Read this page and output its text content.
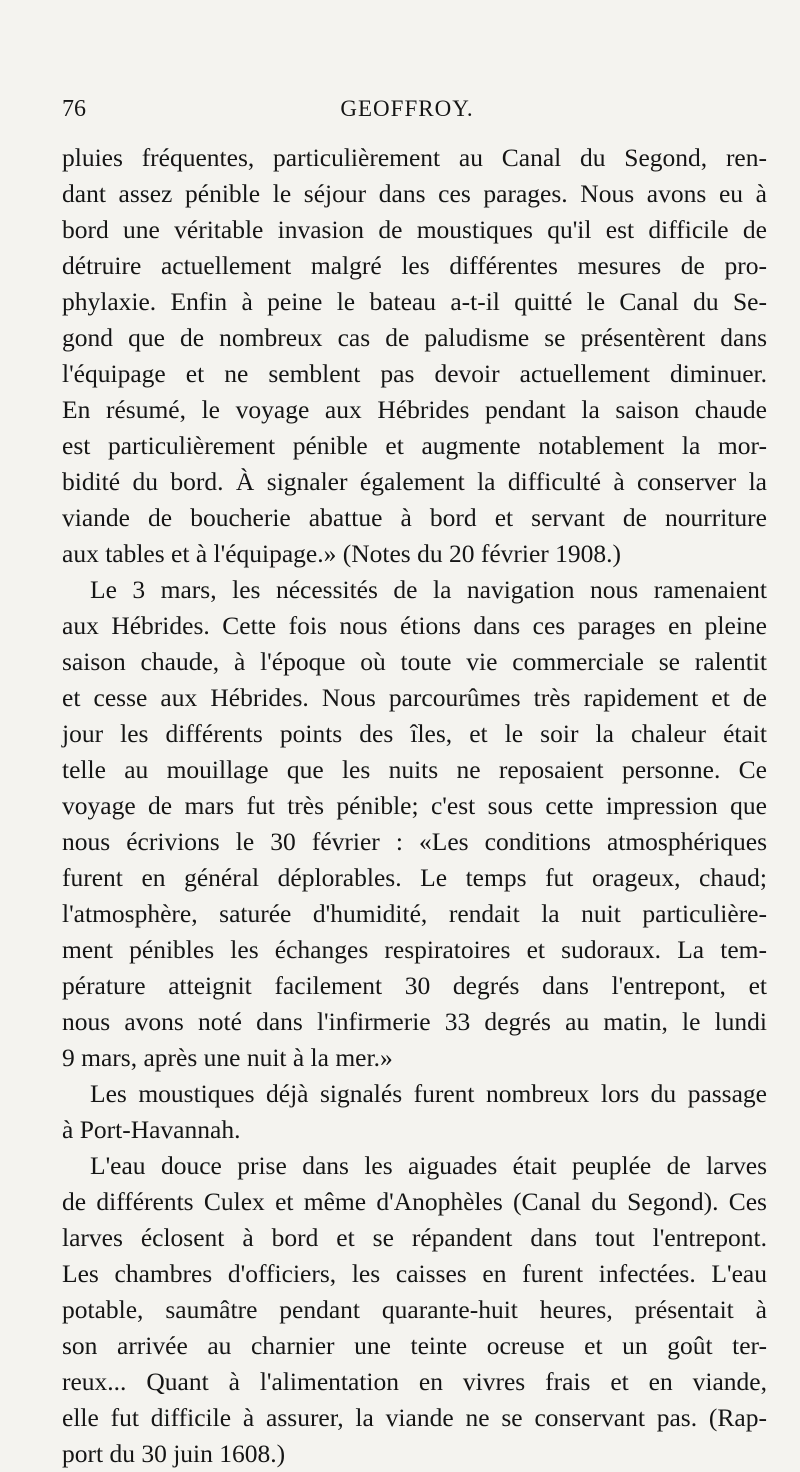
76	GEOFFROY.
pluies fréquentes, particulièrement au Canal du Segond, ren-
dant assez pénible le séjour dans ces parages. Nous avons eu à
bord une véritable invasion de moustiques qu'il est difficile de
détruire actuellement malgré les différentes mesures de pro-
phylaxie. Enfin à peine le bateau a-t-il quitté le Canal du Se-
gond que de nombreux cas de paludisme se présentèrent dans
l'équipage et ne semblent pas devoir actuellement diminuer.
En résumé, le voyage aux Hébrides pendant la saison chaude
est particulièrement pénible et augmente notablement la mor-
bidité du bord. À signaler également la difficulté à conserver la
viande de boucherie abattue à bord et servant de nourriture
aux tables et à l'équipage.» (Notes du 20 février 1908.)
Le 3 mars, les nécessités de la navigation nous ramenaient
aux Hébrides. Cette fois nous étions dans ces parages en pleine
saison chaude, à l'époque où toute vie commerciale se ralentit
et cesse aux Hébrides. Nous parcourûmes très rapidement et de
jour les différents points des îles, et le soir la chaleur était
telle au mouillage que les nuits ne reposaient personne. Ce
voyage de mars fut très pénible; c'est sous cette impression que
nous écrivions le 30 février : «Les conditions atmosphériques
furent en général déplorables. Le temps fut orageux, chaud;
l'atmosphère, saturée d'humidité, rendait la nuit particulière-
ment pénibles les échanges respiratoires et sudoraux. La tem-
pérature atteignit facilement 30 degrés dans l'entrepont, et
nous avons noté dans l'infirmerie 33 degrés au matin, le lundi
9 mars, après une nuit à la mer.»
Les moustiques déjà signalés furent nombreux lors du passage
à Port-Havannah.
L'eau douce prise dans les aiguades était peuplée de larves
de différents Culex et même d'Anophèles (Canal du Segond). Ces
larves éclosent à bord et se répandent dans tout l'entrepont.
Les chambres d'officiers, les caisses en furent infectées. L'eau
potable, saumâtre pendant quarante-huit heures, présentait à
son arrivée au charnier une teinte ocreuse et un goût ter-
reux... Quant à l'alimentation en vivres frais et en viande,
elle fut difficile à assurer, la viande ne se conservant pas. (Rap-
port du 30 juin 1608.)
